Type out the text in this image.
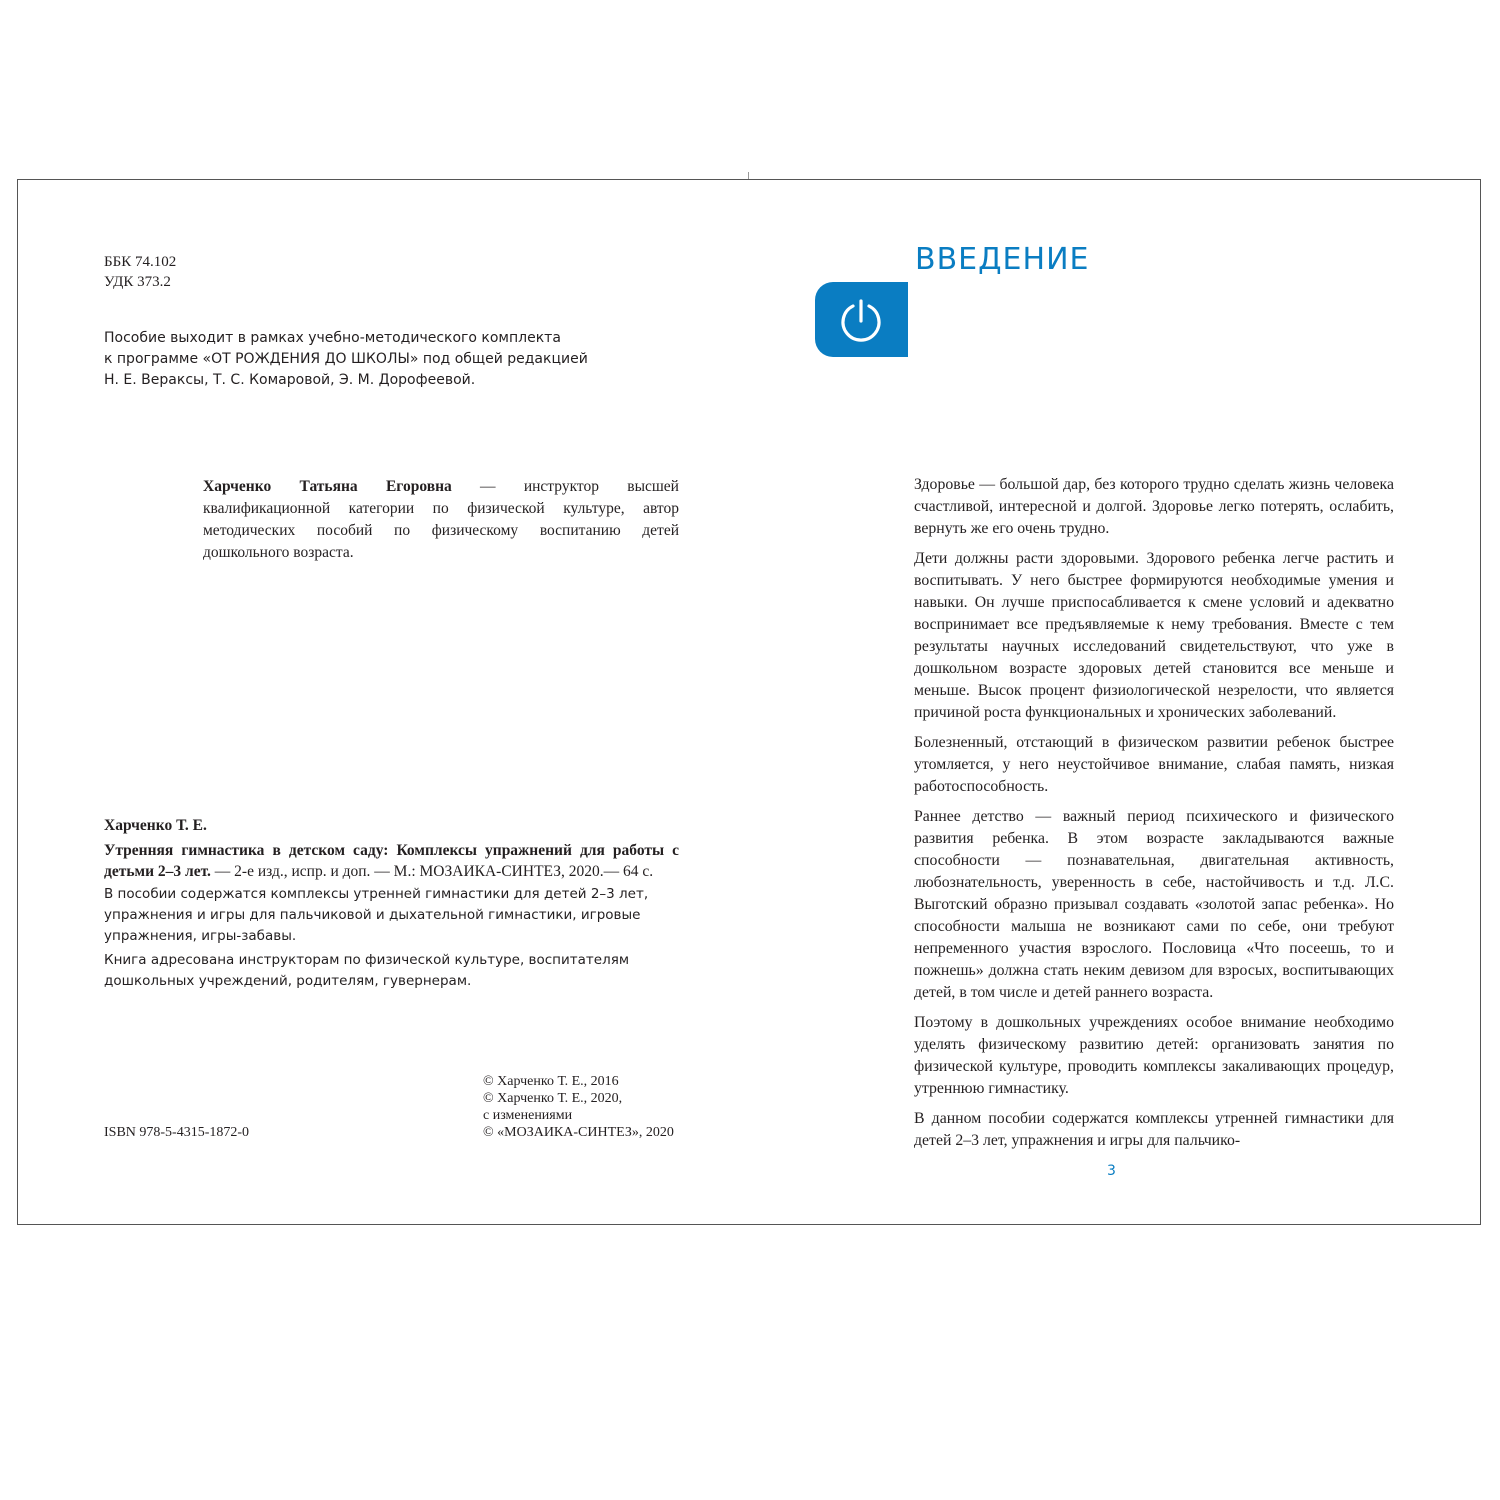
ББК 74.102
УДК 373.2
Пособие выходит в рамках учебно-методического комплекта
к программе «ОТ РОЖДЕНИЯ ДО ШКОЛЫ» под общей редакцией
Н. Е. Вераксы, Т. С. Комаровой, Э. М. Дорофеевой.
Харченко Татьяна Егоровна — инструктор высшей квалификационной категории по физической культуре, автор методических пособий по физическому воспитанию детей дошкольного возраста.
Харченко Т. Е.
Утренняя гимнастика в детском саду: Комплексы упражнений для работы с детьми 2–3 лет. — 2-е изд., испр. и доп. — М.: МОЗАИКА-СИНТЕЗ, 2020.— 64 с.
В пособии содержатся комплексы утренней гимнастики для детей 2–3 лет, упражнения и игры для пальчиковой и дыхательной гимнастики, игровые упражнения, игры-забавы.
Книга адресована инструкторам по физической культуре, воспитателям дошкольных учреждений, родителям, гувернерам.
© Харченко Т. Е., 2016
© Харченко Т. Е., 2020,
с изменениями
© «МОЗАИКА-СИНТЕЗ», 2020
ISBN 978-5-4315-1872-0
ВВЕДЕНИЕ

Здоровье — большой дар, без которого трудно сделать жизнь человека счастливой, интересной и долгой. Здоровье легко потерять, ослабить, вернуть же его очень трудно.

Дети должны расти здоровыми. Здорового ребенка легче растить и воспитывать. У него быстрее формируются необходимые умения и навыки. Он лучше приспосабливается к смене условий и адекватно воспринимает все предъявляемые к нему требования. Вместе с тем результаты научных исследований свидетельствуют, что уже в дошкольном возрасте здоровых детей становится все меньше и меньше. Высок процент физиологической незрелости, что является причиной роста функциональных и хронических заболеваний.

Болезненный, отстающий в физическом развитии ребенок быстрее утомляется, у него неустойчивое внимание, слабая память, низкая работоспособность.

Раннее детство — важный период психического и физического развития ребенка. В этом возрасте закладываются важные способности — познавательная, двигательная активность, любознательность, уверенность в себе, настойчивость и т.д. Л.С. Выготский образно призывал создавать «золотой запас ребенка». Но способности малыша не возникают сами по себе, они требуют непременного участия взрослого. Пословица «Что посеешь, то и пожнешь» должна стать неким девизом для взросых, воспитывающих детей, в том числе и детей раннего возраста.

Поэтому в дошкольных учреждениях особое внимание необходимо уделять физическому развитию детей: организовать занятия по физической культуре, проводить комплексы закаливающих процедур, утреннюю гимнастику.

В данном пособии содержатся комплексы утренней гимнастики для детей 2–3 лет, упражнения и игры для пальчико-

3
